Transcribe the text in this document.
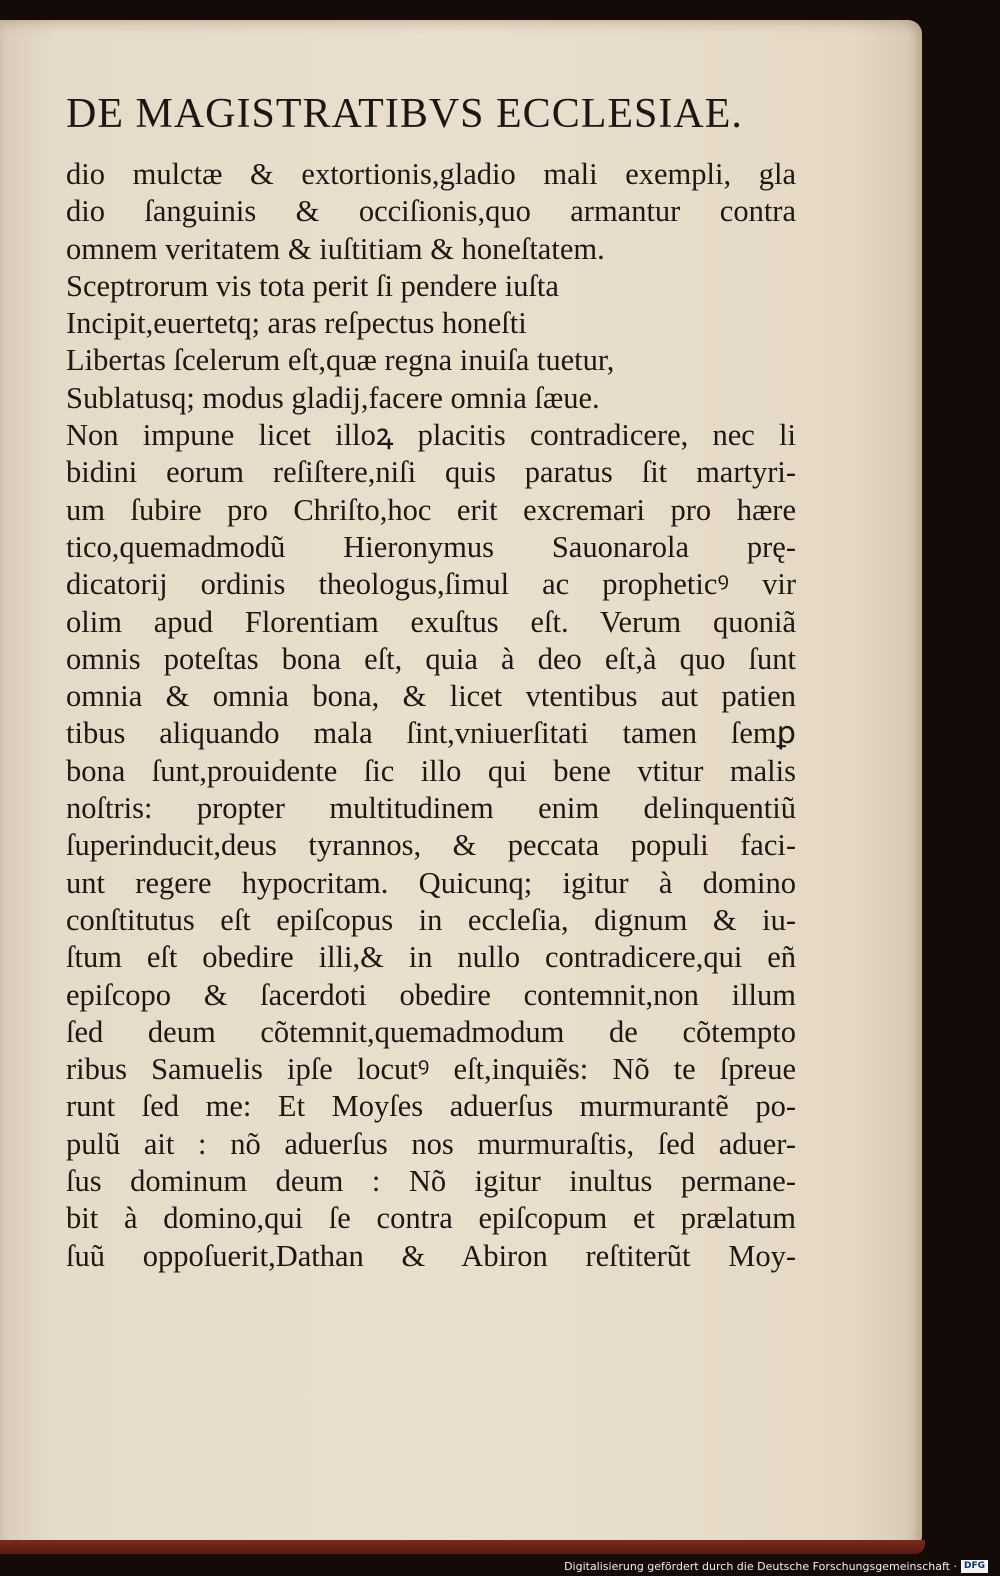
DE MAGISTRATIBVS ECCLESIAE.
dio mulctæ & extortionis,gladio mali exempli, gla
dio ſanguinis & occiſionis,quo armantur contra
omnem veritatem & iuſtitiam & honeſtatem.
Sceptrorum vis tota perit ſi pendere iuſta
Incipit,euertetq; aras reſpectus honeſti
Libertas ſcelerum eſt,quæ regna inuiſa tuetur,
Sublatusq; modus gladij,facere omnia ſæue.
Non impune licet illoꝝ placitis contradicere, nec li
bidini eorum reſiſtere,niſi quis paratus ſit martyri-
um ſubire pro Chriſto,hoc erit excremari pro hære
tico,quemadmodũ Hieronymus Sauonarola prę-
dicatorij ordinis theologus,ſimul ac propheticꝰ vir
olim apud Florentiam exuſtus eſt. Verum quoniã
omnis poteſtas bona eſt, quia à deo eſt,à quo ſunt
omnia & omnia bona, & licet vtentibus aut patien
tibus aliquando mala ſint,vniuerſitati tamen ſemꝑ
bona ſunt,prouidente ſic illo qui bene vtitur malis
noſtris: propter multitudinem enim delinquentiũ
ſuperinducit,deus tyrannos, & peccata populi faci-
unt regere hypocritam. Quicunq; igitur à domino
conſtitutus eſt epiſcopus in eccleſia, dignum & iu-
ſtum eſt obedire illi,& in nullo contradicere,qui eñ
epiſcopo & ſacerdoti obedire contemnit,non illum
ſed deum cõtemnit,quemadmodum de cõtempto
ribus Samuelis ipſe locutꝰ eſt,inquiẽs: Nõ te ſpreue
runt ſed me: Et Moyſes aduerſus murmurantẽ po-
pulũ ait : nõ aduerſus nos murmuraſtis, ſed aduer-
ſus dominum deum : Nõ igitur inultus permane-
bit à domino,qui ſe contra epiſcopum et prælatum
ſuũ oppoſuerit,Dathan & Abiron reſtiterũt Moy-
Digitalisierung gefördert durch die Deutsche Forschungsgemeinschaft · DFG
